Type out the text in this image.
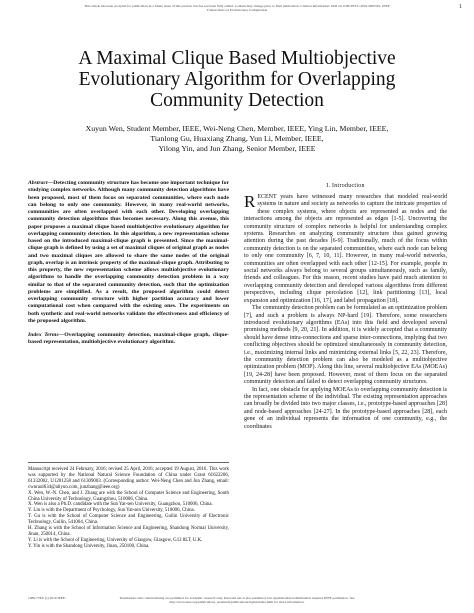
This article has been accepted for publication in a future issue of this journal, but has not been fully edited. Content may change prior to final publication. Citation information: DOI 10.1109/TEVC.2016.2605501, IEEE
Transactions on Evolutionary Computation
1
A Maximal Clique Based Multiobjective Evolutionary Algorithm for Overlapping Community Detection
Xuyun Wen, Student Member, IEEE, Wei-Neng Chen, Member, IEEE, Ying Lin, Member, IEEE,
Tianlong Gu, Huaxiang Zhang, Yun Li, Member, IEEE,
Yilong Yin, and Jun Zhang, Senior Member, IEEE

Abstract—Detecting community structure has become one important technique for studying complex networks. Although many community detection algorithms have been proposed, most of them focus on separated communities, where each node can belong to only one community. However, in many real-world networks, communities are often overlapped with each other. Developing overlapping community detection algorithms thus becomes necessary. Along this avenue, this paper proposes a maximal clique based multiobjective evolutionary algorithm for overlapping community detection. In this algorithm, a new representation scheme based on the introduced maximal-clique graph is presented. Since the maximal-clique graph is defined by using a set of maximal cliques of original graph as nodes and two maximal cliques are allowed to share the same nodes of the original graph, overlap is an intrinsic property of the maximal-clique graph. Attributing to this property, the new representation scheme allows multiobjective evolutionary algorithms to handle the overlapping community detection problem in a way similar to that of the separated community detection, such that the optimization problems are simplified. As a result, the proposed algorithm could detect overlapping community structure with higher partition accuracy and lower computational cost when compared with the existing ones. The experiments on both synthetic and real-world networks validate the effectiveness and efficiency of the proposed algorithm.

Index Terms—Overlapping community detection, maximal-clique graph, clique-based representation, multiobjective evolutionary algorithm.

Manuscript received 24 February, 2016; revised 25 April, 2016; accepted 19 August, 2016. This work was supported by the National Natural Science Foundation of China under Grant 61622206, 61332002, U1201258 and 61309003. (Corresponding author: Wei-Neng Chen and Jun Zhang, email: cwnraul634@aliyun.com, junzhang@ieee.org)

X. Wen, W.-N. Chen, and J. Zhang are with the School of Computer Science and Engineering, South China University of Technology, Guangzhou, 510006, China.

X. Wen is also a Ph.D. candidate with the Sun Yat-sen University, Guangzhou, 510006, China.

Y. Lin is with the Department of Psychology, Sun Yat-sen University, 510006, China.

T. Gu is with the School of Computer Science and Engineering, Guilin University of Electronic Technology, Guilin, 541004, China.

H. Zhang is with the School of Information Science and Engineering, Shandong Normal University, Jinan, 250014, China.

Y. Li is with the School of Engineering, University of Glasgow, Glasgow, G12 8LT, U.K.

Y. Yin is with the Shandong University, Jinan, 250100, China.

I. Introduction

RECENT years have witnessed many researches that modeled real-world systems in nature and society as networks to capture the intricate properties of these complex systems, where objects are represented as nodes and the interactions among the objects are represented as edges [1-5]. Uncovering the community structure of complex networks is helpful for understanding complex systems. Researches on analyzing community structure thus gained growing attention during the past decades [6-9]. Traditionally, much of the focus within community detection is on the separated communities, where each node can belong to only one community [6, 7, 10, 11]. However, in many real-world networks, communities are often overlapped with each other [12-15]. For example, people in social networks always belong to several groups simultaneously, such as family, friends and colleagues. For this reason, recent studies have paid much attention to overlapping community detection and developed various algorithms from different perspectives, including clique percolation [12], link partitioning [13], local expansion and optimization [16, 17], and label propagation [18].

The community detection problem can be formulated as an optimization problem [7], and such a problem is always NP-hard [19]. Therefore, some researchers introduced evolutionary algorithms (EAs) into this field and developed several promising methods [9, 20, 21]. In addition, it is widely accepted that a community should have dense intra-connections and sparse inter-connections, implying that two conflicting objectives should be optimized simultaneously in community detection, i.e., maximizing internal links and minimizing external links [5, 22, 23]. Therefore, the community detection problem can also be modeled as a multiobjective optimization problem (MOP). Along this line, several multiobjective EAs (MOEAs) [19, 24-28] have been proposed. However, most of them focus on the separated community detection and failed to detect overlapping community structures.

In fact, one obstacle for applying MOEAs to overlapping community detection is the representation scheme of the individual. The existing representation approaches can broadly be divided into two major classes, i.e., prototype-based approaches [28] and node-based approaches [24-27]. In the prototype-based approaches [28], each gene of an individual represents the information of one community, e.g., the coordinates

1089-778X (c) 2016 IEEE.	Translations and content mining are permitted for academic research only. Personal use is also permitted, but republication/redistribution requires IEEE permission. See
http://www.ieee.org/publications_standards/publications/rights/index.html for more information.
